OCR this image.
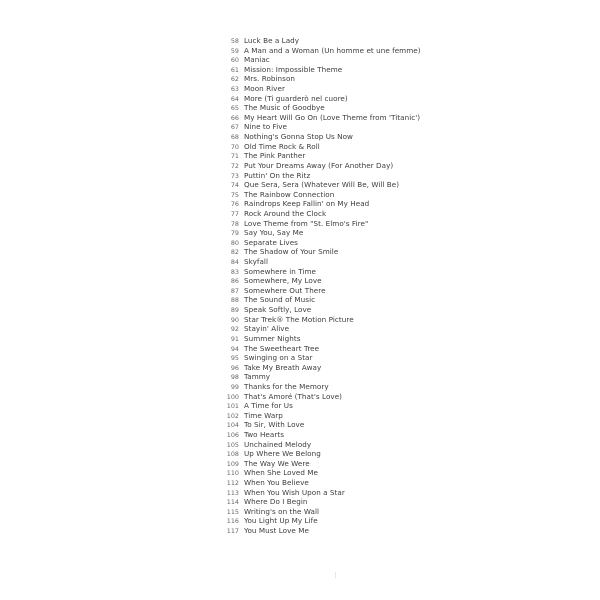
58 Luck Be a Lady
59 A Man and a Woman (Un homme et une femme)
60 Maniac
61 Mission: Impossible Theme
62 Mrs. Robinson
63 Moon River
64 More (Ti guarderò nel cuore)
65 The Music of Goodbye
66 My Heart Will Go On (Love Theme from 'Titanic')
67 Nine to Five
68 Nothing's Gonna Stop Us Now
70 Old Time Rock & Roll
71 The Pink Panther
72 Put Your Dreams Away (For Another Day)
73 Puttin' On the Ritz
74 Que Sera, Sera (Whatever Will Be, Will Be)
75 The Rainbow Connection
76 Raindrops Keep Fallin' on My Head
77 Rock Around the Clock
78 Love Theme from "St. Elmo's Fire"
79 Say You, Say Me
80 Separate Lives
82 The Shadow of Your Smile
84 Skyfall
83 Somewhere in Time
86 Somewhere, My Love
87 Somewhere Out There
88 The Sound of Music
89 Speak Softly, Love
90 Star Trek® The Motion Picture
92 Stayin' Alive
91 Summer Nights
94 The Sweetheart Tree
95 Swinging on a Star
96 Take My Breath Away
98 Tammy
99 Thanks for the Memory
100 That's Amoré (That's Love)
101 A Time for Us
102 Time Warp
104 To Sir, With Love
106 Two Hearts
105 Unchained Melody
108 Up Where We Belong
109 The Way We Were
110 When She Loved Me
112 When You Believe
113 When You Wish Upon a Star
114 Where Do I Begin
115 Writing's on the Wall
116 You Light Up My Life
117 You Must Love Me
